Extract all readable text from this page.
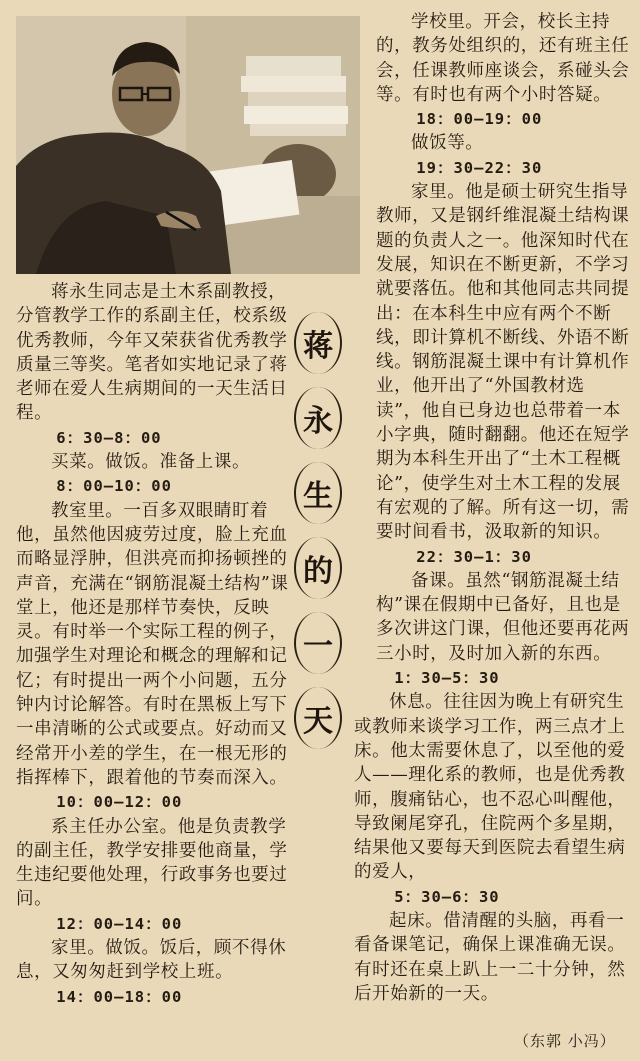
蒋永生同志是土木系副教授，分管教学工作的系副主任，校系级优秀教师，今年又荣获省优秀教学质量三等奖。笔者如实地记录了蒋老师在爱人生病期间的一天生活日程。

6：30—8：00

买菜。做饭。准备上课。

8：00—10：00

教室里。一百多双眼睛盯着他，虽然他因疲劳过度，脸上充血而略显浮肿，但洪亮而抑扬顿挫的声音，充满在“钢筋混凝土结构”课堂上，他还是那样节奏快，反映灵。有时举一个实际工程的例子，加强学生对理论和概念的理解和记忆；有时提出一两个小问题，五分钟内讨论解答。有时在黑板上写下一串清晰的公式或要点。好动而又经常开小差的学生，在一根无形的指挥棒下，跟着他的节奏而深入。

10：00—12：00

系主任办公室。他是负责教学的副主任，教学安排要他商量，学生违纪要他处理，行政事务也要过问。

12：00—14：00

家里。做饭。饭后，顾不得休息，又匆匆赶到学校上班。

14：00—18：00

蒋
永
生
的
一
天

学校里。开会，校长主持的，教务处组织的，还有班主任会，任课教师座谈会，系碰头会等。有时也有两个小时答疑。

18：00—19：00

做饭等。

19：30—22：30

家里。他是硕士研究生指导教师，又是钢纤维混凝土结构课题的负责人之一。他深知时代在发展，知识在不断更新，不学习就要落伍。他和其他同志共同提出：在本科生中应有两个不断线，即计算机不断线、外语不断线。钢筋混凝土课中有计算机作业，他开出了“外国教材选读”，他自已身边也总带着一本小字典，随时翻翻。他还在短学期为本科生开出了“土木工程概论”，使学生对土木工程的发展有宏观的了解。所有这一切，需要时间看书，汲取新的知识。

22：30—1：30

备课。虽然“钢筋混凝土结构”课在假期中已备好，且也是多次讲这门课，但他还要再花两三小时，及时加入新的东西。

1：30—5：30

休息。往往因为晚上有研究生或教师来谈学习工作，两三点才上床。他太需要休息了，以至他的爱人——理化系的教师，也是优秀教师，腹痛钻心，也不忍心叫醒他，导致阑尾穿孔，住院两个多星期，结果他又要每天到医院去看望生病的爱人，

5：30—6：30

起床。借清醒的头脑，再看一看备课笔记，确保上课准确无误。有时还在桌上趴上一二十分钟，然后开始新的一天。

（东郭 小冯）
